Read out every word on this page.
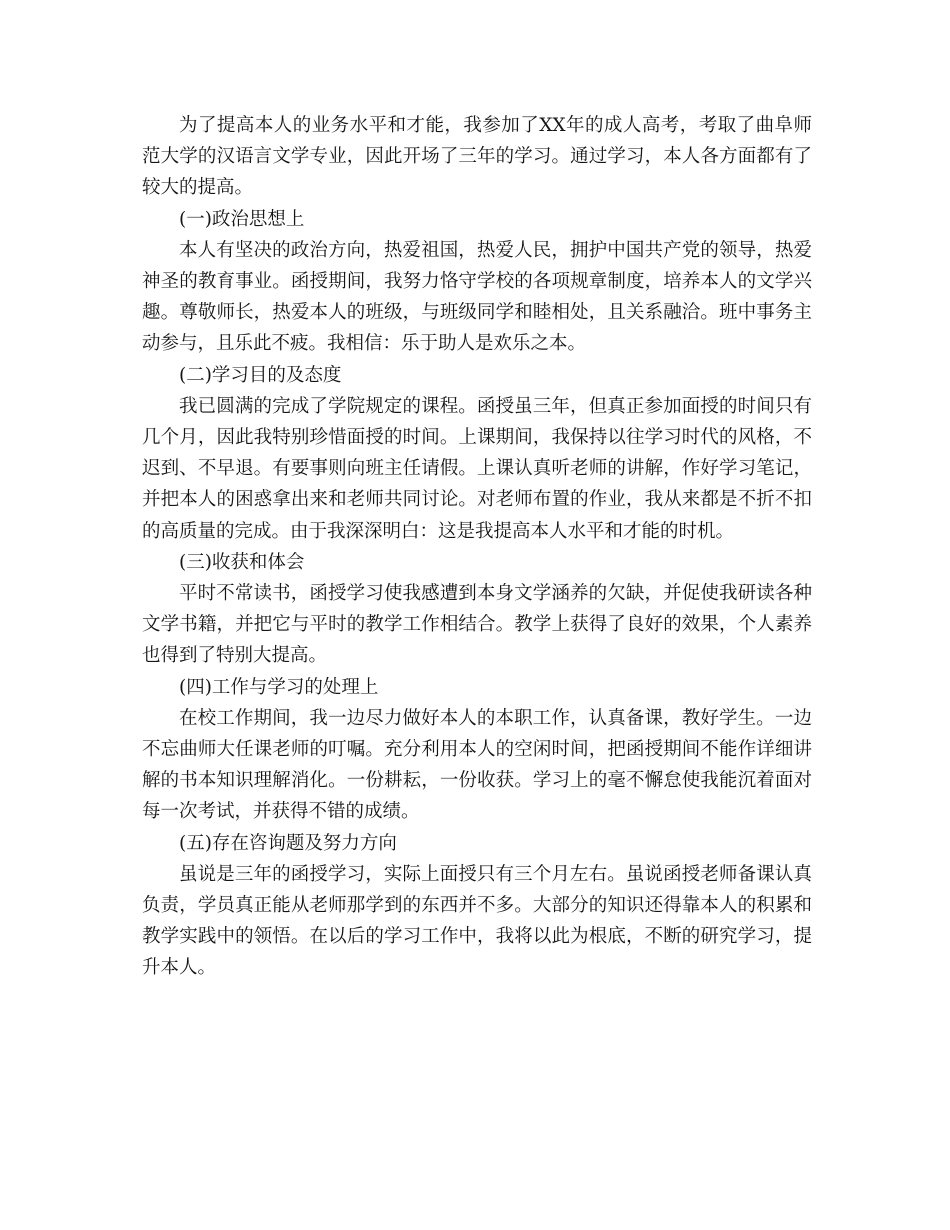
为了提高本人的业务水平和才能，我参加了XX年的成人高考，考取了曲阜师范大学的汉语言文学专业，因此开场了三年的学习。通过学习，本人各方面都有了较大的提高。

(一)政治思想上

本人有坚决的政治方向，热爱祖国，热爱人民，拥护中国共产党的领导，热爱神圣的教育事业。函授期间，我努力恪守学校的各项规章制度，培养本人的文学兴趣。尊敬师长，热爱本人的班级，与班级同学和睦相处，且关系融洽。班中事务主动参与，且乐此不疲。我相信：乐于助人是欢乐之本。

(二)学习目的及态度

我已圆满的完成了学院规定的课程。函授虽三年，但真正参加面授的时间只有几个月，因此我特别珍惜面授的时间。上课期间，我保持以往学习时代的风格，不迟到、不早退。有要事则向班主任请假。上课认真听老师的讲解，作好学习笔记，并把本人的困惑拿出来和老师共同讨论。对老师布置的作业，我从来都是不折不扣的高质量的完成。由于我深深明白：这是我提高本人水平和才能的时机。

(三)收获和体会

平时不常读书，函授学习使我感遭到本身文学涵养的欠缺，并促使我研读各种文学书籍，并把它与平时的教学工作相结合。教学上获得了良好的效果，个人素养也得到了特别大提高。

(四)工作与学习的处理上

在校工作期间，我一边尽力做好本人的本职工作，认真备课，教好学生。一边不忘曲师大任课老师的叮嘱。充分利用本人的空闲时间，把函授期间不能作详细讲解的书本知识理解消化。一份耕耘，一份收获。学习上的毫不懈怠使我能沉着面对每一次考试，并获得不错的成绩。

(五)存在咨询题及努力方向

虽说是三年的函授学习，实际上面授只有三个月左右。虽说函授老师备课认真负责，学员真正能从老师那学到的东西并不多。大部分的知识还得靠本人的积累和教学实践中的领悟。在以后的学习工作中，我将以此为根底，不断的研究学习，提升本人。
